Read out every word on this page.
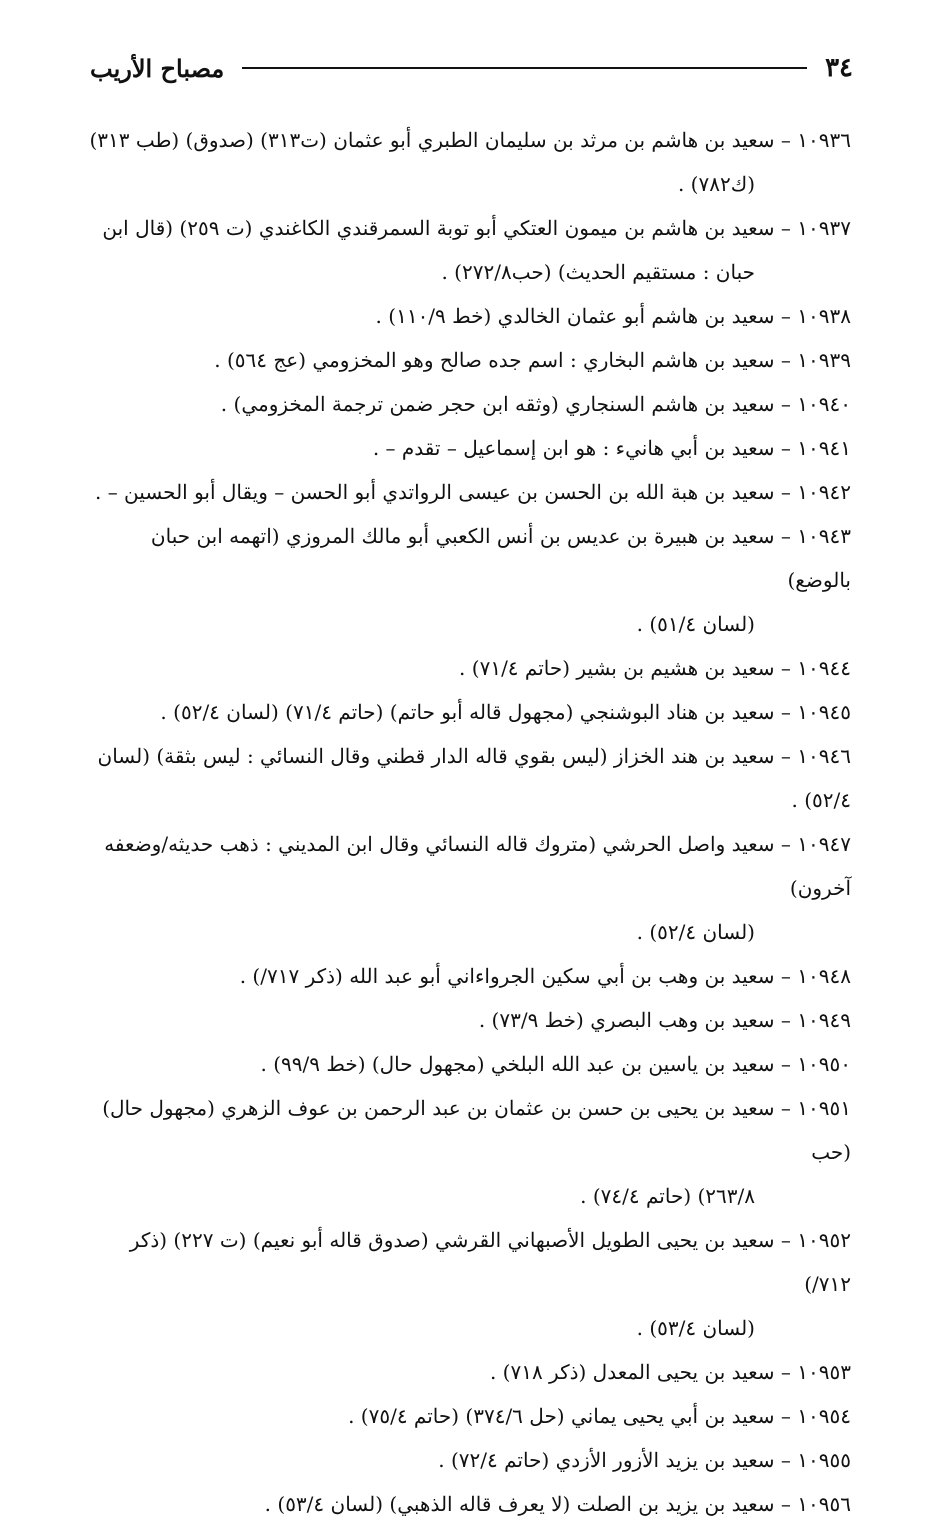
٣٤
مصباح الأريب
١٠٩٣٦ – سعيد بن هاشم بن مرثد بن سليمان الطبري أبو عثمان (ت٣١٣) (صدوق) (طب ٣١٣)
(ك٧٨٢) .
١٠٩٣٧ – سعيد بن هاشم بن ميمون العتكي أبو توبة السمرقندي الكاغندي (ت ٢٥٩) (قال ابن
حبان : مستقيم الحديث) (حب٢٧٢/٨) .
١٠٩٣٨ – سعيد بن هاشم أبو عثمان الخالدي (خط ١١٠/٩) .
١٠٩٣٩ – سعيد بن هاشم البخاري : اسم جده صالح وهو المخزومي (عج ٥٦٤) .
١٠٩٤٠ – سعيد بن هاشم السنجاري (وثقه ابن حجر ضمن ترجمة المخزومي) .
١٠٩٤١ – سعيد بن أبي هانيء : هو ابن إسماعيل – تقدم – .
١٠٩٤٢ – سعيد بن هبة الله بن الحسن بن عيسى الرواتدي أبو الحسن – ويقال أبو الحسين – .
١٠٩٤٣ – سعيد بن هبيرة بن عديس بن أنس الكعبي أبو مالك المروزي (اتهمه ابن حبان بالوضع)
(لسان ٥١/٤) .
١٠٩٤٤ – سعيد بن هشيم بن بشير (حاتم ٧١/٤) .
١٠٩٤٥ – سعيد بن هناد البوشنجي (مجهول قاله أبو حاتم) (حاتم ٧١/٤) (لسان ٥٢/٤) .
١٠٩٤٦ – سعيد بن هند الخزاز (ليس بقوي قاله الدار قطني وقال النسائي : ليس بثقة) (لسان ٥٢/٤) .
١٠٩٤٧ – سعيد واصل الحرشي (متروك قاله النسائي وقال ابن المديني : ذهب حديثه/وضعفه آخرون)
(لسان ٥٢/٤) .
١٠٩٤٨ – سعيد بن وهب بن أبي سكين الجرواءاني أبو عبد الله (ذكر ٧١٧/) .
١٠٩٤٩ – سعيد بن وهب البصري (خط ٧٣/٩) .
١٠٩٥٠ – سعيد بن ياسين بن عبد الله البلخي (مجهول حال) (خط ٩٩/٩) .
١٠٩٥١ – سعيد بن يحيى بن حسن بن عثمان بن عبد الرحمن بن عوف الزهري (مجهول حال) (حب
٢٦٣/٨) (حاتم ٧٤/٤) .
١٠٩٥٢ – سعيد بن يحيى الطويل الأصبهاني القرشي (صدوق قاله أبو نعيم) (ت ٢٢٧) (ذكر ٧١٢/)
(لسان ٥٣/٤) .
١٠٩٥٣ – سعيد بن يحيى المعدل (ذكر ٧١٨) .
١٠٩٥٤ – سعيد بن أبي يحيى يماني (حل ٣٧٤/٦) (حاتم ٧٥/٤) .
١٠٩٥٥ – سعيد بن يزيد الأزور الأزدي (حاتم ٧٢/٤) .
١٠٩٥٦ – سعيد بن يزيد بن الصلت (لا يعرف قاله الذهبي) (لسان ٥٣/٤) .
